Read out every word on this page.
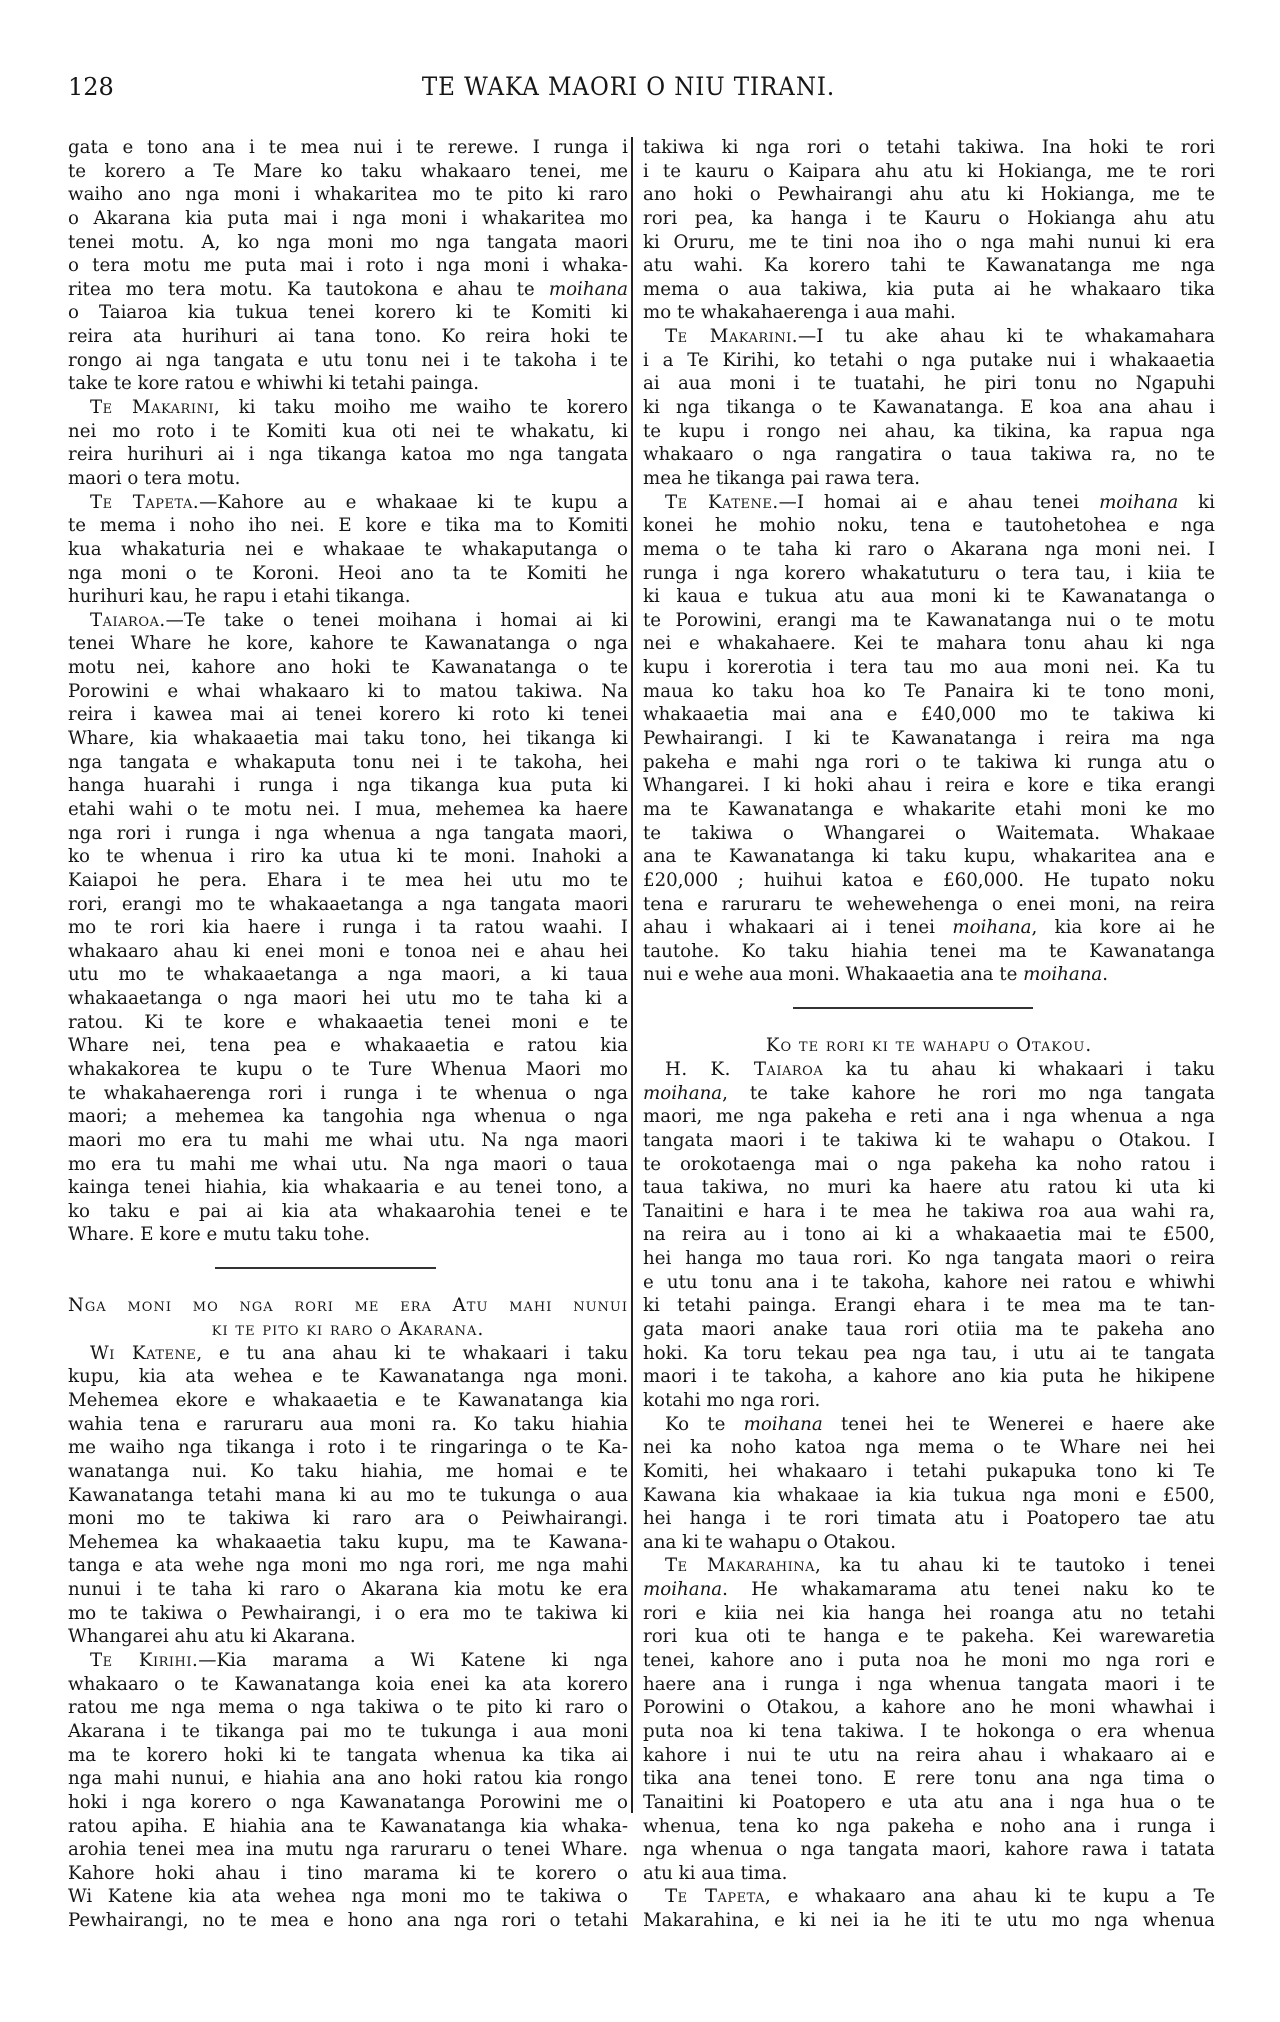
128	TE WAKA MAORI O NIU TIRANI.
gata e tono ana i te mea nui i te rerewe. I runga i
te korero a Te Mare ko taku whakaaro tenei, me
waiho ano nga moni i whakaritea mo te pito ki raro
o Akarana kia puta mai i nga moni i whakaritea mo
tenei motu. A, ko nga moni mo nga tangata maori
o tera motu me puta mai i roto i nga moni i whaka-
ritea mo tera motu. Ka tautokona e ahau te moihana
o Taiaroa kia tukua tenei korero ki te Komiti ki
reira ata hurihuri ai tana tono. Ko reira hoki te
rongo ai nga tangata e utu tonu nei i te takoha i te
take te kore ratou e whiwhi ki tetahi painga.
Te Makarini, ki taku moiho me waiho te korero
nei mo roto i te Komiti kua oti nei te whakatu, ki
reira hurihuri ai i nga tikanga katoa mo nga tangata
maori o tera motu.
Te Tapeta.—Kahore au e whakaae ki te kupu a
te mema i noho iho nei. E kore e tika ma to Komiti
kua whakaturia nei e whakaae te whakaputanga o
nga moni o te Koroni. Heoi ano ta te Komiti he
hurihuri kau, he rapu i etahi tikanga.
Taiaroa.—Te take o tenei moihana i homai ai ki
tenei Whare he kore, kahore te Kawanatanga o nga
motu nei, kahore ano hoki te Kawanatanga o te
Porowini e whai whakaaro ki to matou takiwa. Na
reira i kawea mai ai tenei korero ki roto ki tenei
Whare, kia whakaaetia mai taku tono, hei tikanga ki
nga tangata e whakaputa tonu nei i te takoha, hei
hanga huarahi i runga i nga tikanga kua puta ki
etahi wahi o te motu nei. I mua, mehemea ka haere
nga rori i runga i nga whenua a nga tangata maori,
ko te whenua i riro ka utua ki te moni. Inahoki a
Kaiapoi he pera. Ehara i te mea hei utu mo te
rori, erangi mo te whakaaetanga a nga tangata maori
mo te rori kia haere i runga i ta ratou waahi. I
whakaaro ahau ki enei moni e tonoa nei e ahau hei
utu mo te whakaaetanga a nga maori, a ki taua
whakaaetanga o nga maori hei utu mo te taha ki a
ratou. Ki te kore e whakaaetia tenei moni e te
Whare nei, tena pea e whakaaetia e ratou kia
whakakorea te kupu o te Ture Whenua Maori mo
te whakahaerenga rori i runga i te whenua o nga
maori; a mehemea ka tangohia nga whenua o nga
maori mo era tu mahi me whai utu. Na nga maori
mo era tu mahi me whai utu. Na nga maori o taua
kainga tenei hiahia, kia whakaaria e au tenei tono, a
ko taku e pai ai kia ata whakaarohia tenei e te
Whare. E kore e mutu taku tohe.
Nga moni mo nga rori me era Atu mahi nunui
ki te pito ki raro o Akarana.
Wi Katene, e tu ana ahau ki te whakaari i taku
kupu, kia ata wehea e te Kawanatanga nga moni.
Mehemea ekore e whakaaetia e te Kawanatanga kia
wahia tena e raruraru aua moni ra. Ko taku hiahia
me waiho nga tikanga i roto i te ringaringa o te Ka-
wanatanga nui. Ko taku hiahia, me homai e te
Kawanatanga tetahi mana ki au mo te tukunga o aua
moni mo te takiwa ki raro ara o Peiwhairangi.
Mehemea ka whakaaetia taku kupu, ma te Kawana-
tanga e ata wehe nga moni mo nga rori, me nga mahi
nunui i te taha ki raro o Akarana kia motu ke era
mo te takiwa o Pewhairangi, i o era mo te takiwa ki
Whangarei ahu atu ki Akarana.
Te Kirihi.—Kia marama a Wi Katene ki nga
whakaaro o te Kawanatanga koia enei ka ata korero
ratou me nga mema o nga takiwa o te pito ki raro o
Akarana i te tikanga pai mo te tukunga i aua moni
ma te korero hoki ki te tangata whenua ka tika ai
nga mahi nunui, e hiahia ana ano hoki ratou kia rongo
hoki i nga korero o nga Kawanatanga Porowini me o
ratou apiha. E hiahia ana te Kawanatanga kia whaka-
arohia tenei mea ina mutu nga raruraru o tenei Whare.
Kahore hoki ahau i tino marama ki te korero o
Wi Katene kia ata wehea nga moni mo te takiwa o
Pewhairangi, no te mea e hono ana nga rori o tetahi
takiwa ki nga rori o tetahi takiwa. Ina hoki te rori
i te kauru o Kaipara ahu atu ki Hokianga, me te rori
ano hoki o Pewhairangi ahu atu ki Hokianga, me te
rori pea, ka hanga i te Kauru o Hokianga ahu atu
ki Oruru, me te tini noa iho o nga mahi nunui ki era
atu wahi. Ka korero tahi te Kawanatanga me nga
mema o aua takiwa, kia puta ai he whakaaro tika
mo te whakahaerenga i aua mahi.
Te Makarini.—I tu ake ahau ki te whakamahara
i a Te Kirihi, ko tetahi o nga putake nui i whakaaetia
ai aua moni i te tuatahi, he piri tonu no Ngapuhi
ki nga tikanga o te Kawanatanga. E koa ana ahau i
te kupu i rongo nei ahau, ka tikina, ka rapua nga
whakaaro o nga rangatira o taua takiwa ra, no te
mea he tikanga pai rawa tera.
Te Katene.—I homai ai e ahau tenei moihana ki
konei he mohio noku, tena e tautohetohea e nga
mema o te taha ki raro o Akarana nga moni nei. I
runga i nga korero whakatuturu o tera tau, i kiia te
ki kaua e tukua atu aua moni ki te Kawanatanga o
te Porowini, erangi ma te Kawanatanga nui o te motu
nei e whakahaere. Kei te mahara tonu ahau ki nga
kupu i korerotia i tera tau mo aua moni nei. Ka tu
maua ko taku hoa ko Te Panaira ki te tono moni,
whakaaetia mai ana e £40,000 mo te takiwa ki
Pewhairangi. I ki te Kawanatanga i reira ma nga
pakeha e mahi nga rori o te takiwa ki runga atu o
Whangarei. I ki hoki ahau i reira e kore e tika erangi
ma te Kawanatanga e whakarite etahi moni ke mo
te takiwa o Whangarei o Waitemata. Whakaae
ana te Kawanatanga ki taku kupu, whakaritea ana e
£20,000 ; huihui katoa e £60,000. He tupato noku
tena e raruraru te wehewehenga o enei moni, na reira
ahau i whakaari ai i tenei moihana, kia kore ai he
tautohe. Ko taku hiahia tenei ma te Kawanatanga
nui e wehe aua moni. Whakaaetia ana te moihana.
Ko te rori ki te wahapu o Otakou.
H. K. Taiaroa ka tu ahau ki whakaari i taku
moihana, te take kahore he rori mo nga tangata
maori, me nga pakeha e reti ana i nga whenua a nga
tangata maori i te takiwa ki te wahapu o Otakou. I
te orokotaenga mai o nga pakeha ka noho ratou i
taua takiwa, no muri ka haere atu ratou ki uta ki
Tanaitini e hara i te mea he takiwa roa aua wahi ra,
na reira au i tono ai ki a whakaaetia mai te £500,
hei hanga mo taua rori. Ko nga tangata maori o reira
e utu tonu ana i te takoha, kahore nei ratou e whiwhi
ki tetahi painga. Erangi ehara i te mea ma te tan-
gata maori anake taua rori otiia ma te pakeha ano
hoki. Ka toru tekau pea nga tau, i utu ai te tangata
maori i te takoha, a kahore ano kia puta he hikipene
kotahi mo nga rori.
Ko te moihana tenei hei te Wenerei e haere ake
nei ka noho katoa nga mema o te Whare nei hei
Komiti, hei whakaaro i tetahi pukapuka tono ki Te
Kawana kia whakaae ia kia tukua nga moni e £500,
hei hanga i te rori timata atu i Poatopero tae atu
ana ki te wahapu o Otakou.
Te Makarahina, ka tu ahau ki te tautoko i tenei
moihana. He whakamarama atu tenei naku ko te
rori e kiia nei kia hanga hei roanga atu no tetahi
rori kua oti te hanga e te pakeha. Kei warewaretia
tenei, kahore ano i puta noa he moni mo nga rori e
haere ana i runga i nga whenua tangata maori i te
Porowini o Otakou, a kahore ano he moni whawhai i
puta noa ki tena takiwa. I te hokonga o era whenua
kahore i nui te utu na reira ahau i whakaaro ai e
tika ana tenei tono. E rere tonu ana nga tima o
Tanaitini ki Poatopero e uta atu ana i nga hua o te
whenua, tena ko nga pakeha e noho ana i runga i
nga whenua o nga tangata maori, kahore rawa i tatata
atu ki aua tima.
Te Tapeta, e whakaaro ana ahau ki te kupu a Te
Makarahina, e ki nei ia he iti te utu mo nga whenua
